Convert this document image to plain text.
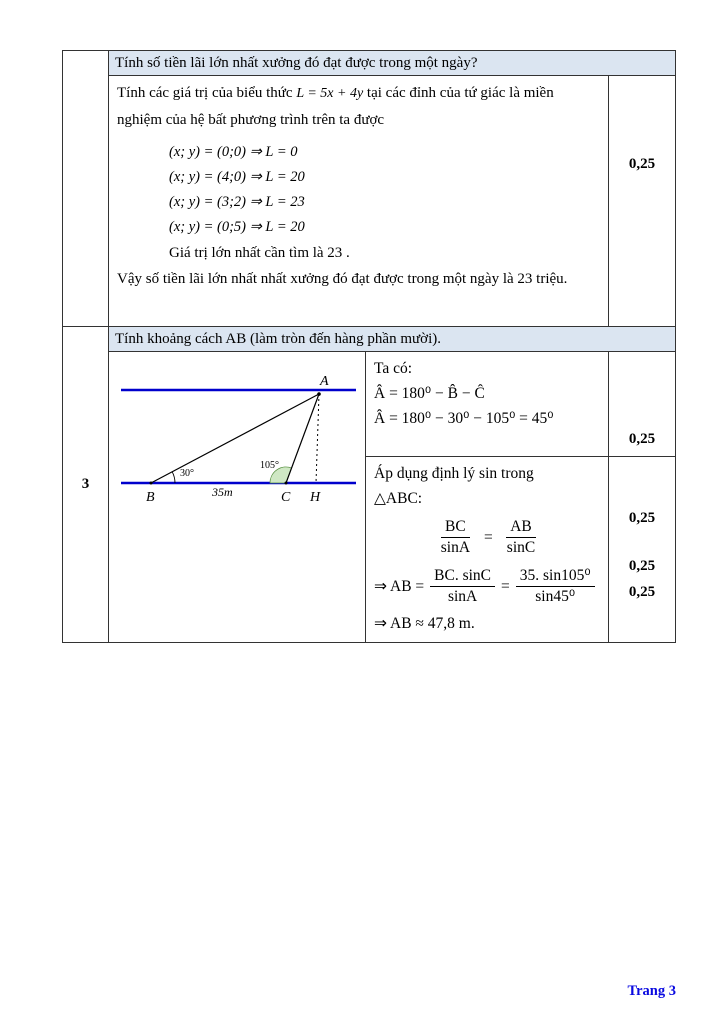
Tính số tiền lãi lớn nhất xưởng đó đạt được trong một ngày?

Tính các giá trị của biểu thức L = 5x + 4y tại các đỉnh của tứ giác là miền nghiệm của hệ bất phương trình trên ta được

(x; y) = (0;0) ⇒ L = 0
(x; y) = (4;0) ⇒ L = 20
(x; y) = (3;2) ⇒ L = 23
(x; y) = (0;5) ⇒ L = 20
Giá trị lớn nhất cần tìm là 23 .

Vậy số tiền lãi lớn nhất nhất xưởng đó đạt được trong một ngày là 23 triệu.

0,25
3
Tính khoảng cách AB (làm tròn đến hàng phần mười).
A
B	C H
30°
105°
35m
Ta có:
Â = 180⁰ − B̂ − Ĉ
Â = 180⁰ − 30⁰ − 105⁰ = 45⁰
0,25
Áp dụng định lý sin trong
△ABC:
$\frac{BC}{\sin A} = \frac{AB}{\sin C}$
⇒ AB = $\frac{BC. \sin C}{\sin A} = \frac{\text{35. sin105⁰}}{\text{sin45⁰}}$
⇒ AB ≈ 47,8 m.
0,25
0,25
0,25
Trang 3
